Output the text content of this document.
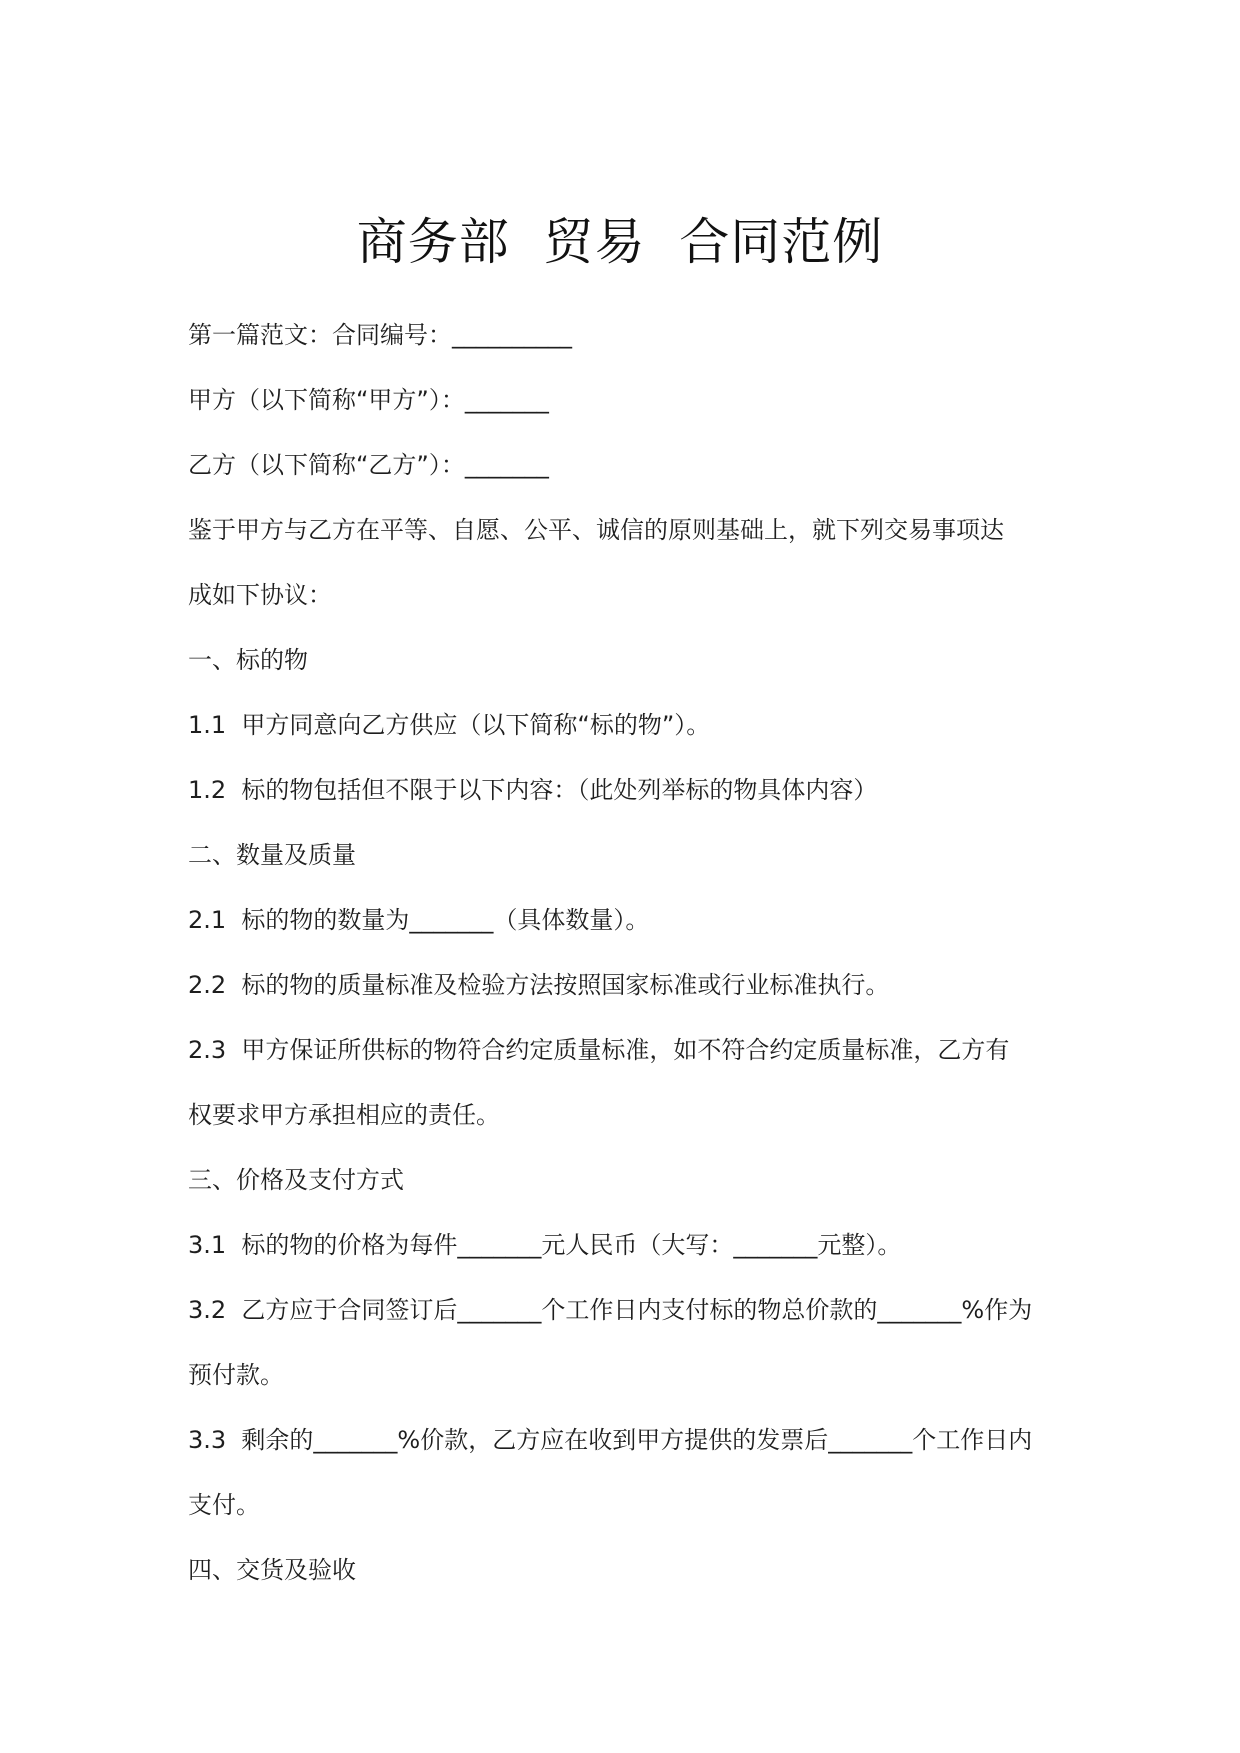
商务部  贸易  合同范例
第一篇范文：合同编号：__________
甲方（以下简称“甲方”）：_______
乙方（以下简称“乙方”）：_______
鉴于甲方与乙方在平等、自愿、公平、诚信的原则基础上，就下列交易事项达
成如下协议：
一、标的物
1.1  甲方同意向乙方供应（以下简称“标的物”）。
1.2  标的物包括但不限于以下内容：（此处列举标的物具体内容）
二、数量及质量
2.1  标的物的数量为_______（具体数量）。
2.2  标的物的质量标准及检验方法按照国家标准或行业标准执行。
2.3  甲方保证所供标的物符合约定质量标准，如不符合约定质量标准，乙方有
权要求甲方承担相应的责任。
三、价格及支付方式
3.1  标的物的价格为每件_______元人民币（大写：_______元整）。
3.2  乙方应于合同签订后_______个工作日内支付标的物总价款的_______%作为
预付款。
3.3  剩余的_______%价款，乙方应在收到甲方提供的发票后_______个工作日内
支付。
四、交货及验收
